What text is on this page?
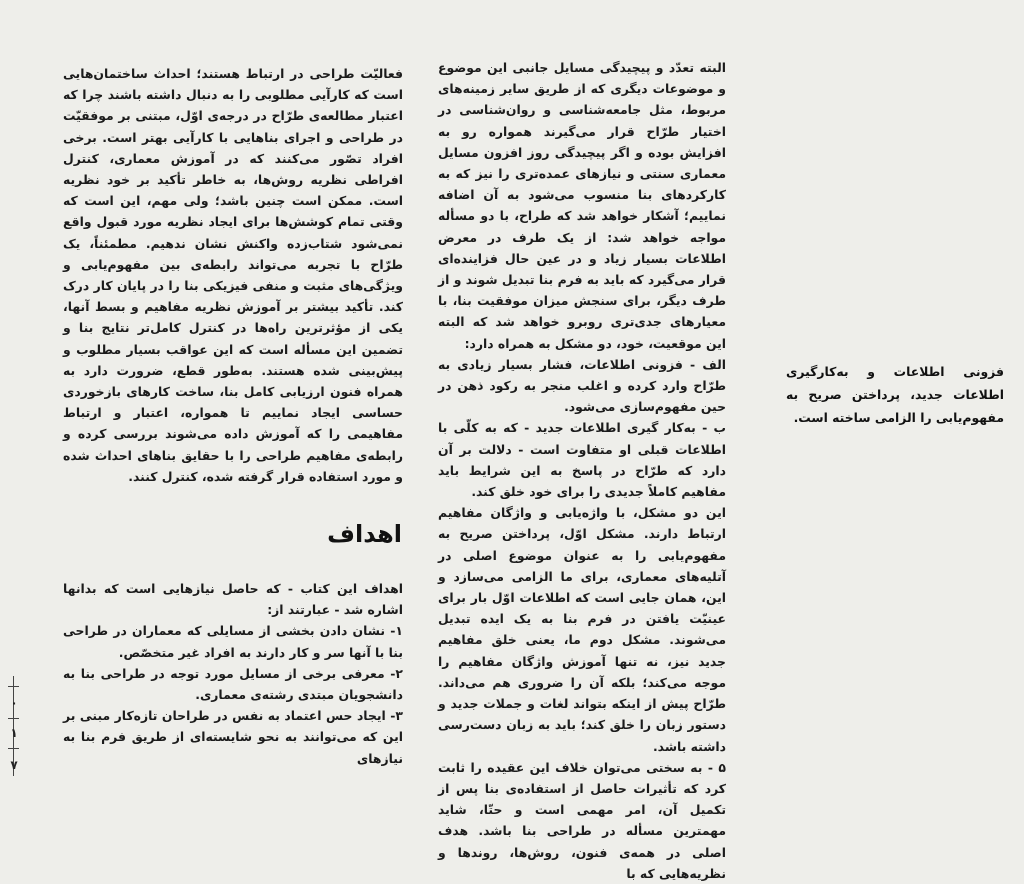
البته تعدّد و پیچیدگی مسایل جانبی این موضوع و موضوعات دیگری که از طریق سایر زمینه‌های مربوط، مثل جامعه‌شناسی و روان‌شناسی در اختیار طرّاح قرار می‌گیرند همواره رو به افزایش بوده و اگر پیچیدگی روز افزون مسایل معماری سنتی و نیازهای عمده‌تری را نیز که به کارکردهای بنا منسوب می‌شود به آن اضافه نماییم؛ آشکار خواهد شد که طراح، با دو مسأله مواجه خواهد شد: از یک طرف در معرض اطلاعات بسیار زیاد و در عین حال فزاینده‌ای قرار می‌گیرد که باید به فرم بنا تبدیل شوند و از طرف دیگر، برای سنجش میزان موفقیت بنا، با معیارهای جدی‌تری روبرو خواهد شد که البته این موقعیت، خود، دو مشکل به همراه دارد:

الف - فزونی اطلاعات، فشار بسیار زیادی به طرّاح وارد کرده و اغلب منجر به رکود ذهن در حین مفهوم‌سازی می‌شود.

ب - به‌کار گیری اطلاعات جدید - که به کلّی با اطلاعات قبلی او متفاوت است - دلالت بر آن دارد که طرّاح در پاسخ به این شرایط باید مفاهیم کاملاً جدیدی را برای خود خلق کند.

این دو مشکل، با واژه‌یابی و واژگان مفاهیم ارتباط دارند. مشکل اوّل، پرداختن صریح به مفهوم‌یابی را به عنوان موضوع اصلی در آتلیه‌های معماری، برای ما الزامی می‌سازد و این، همان جایی است که اطلاعات اوّل بار برای عینیّت یافتن در فرم بنا به یک ایده تبدیل می‌شوند. مشکل دوم ما، یعنی خلق مفاهیم جدید نیز، نه تنها آموزش واژگان مفاهیم را موجه می‌کند؛ بلکه آن را ضروری هم می‌داند. طرّاح پیش از اینکه بتواند لغات و جملات جدید و دستور زبان را خلق کند؛ باید به زبان دست‌رسی داشته باشد.

۵ - به سختی می‌توان خلاف این عقیده را ثابت کرد که تأثیرات حاصل از استفاده‌ی بنا پس از تکمیل آن، امر مهمی است و حتّا، شاید مهمترین مسأله در طراحی بنا باشد. هدف اصلی در همه‌ی فنون، روش‌ها، روندها و نظریه‌هایی که با

فعالیّت طراحی در ارتباط هستند؛ احداث ساختمان‌هایی است که کارآیی مطلوبی را به دنبال داشته باشند چرا که اعتبار مطالعه‌ی طرّاح در درجه‌ی اوّل، مبتنی بر موفقیّت در طراحی و اجرای بناهایی با کارآیی بهتر است. برخی افراد تصّور می‌کنند که در آموزش معماری، کنترل افراطی نظریه روش‌ها، به خاطر تأکید بر خود نظریه است. ممکن است چنین باشد؛ ولی مهم، این است که وقتی تمام کوشش‌ها برای ایجاد نظریه مورد قبول واقع نمی‌شود شتاب‌زده واکنش نشان ندهیم. مطمئناً، یک طرّاح با تجربه می‌تواند رابطه‌ی بین مفهوم‌یابی و ویژگی‌های مثبت و منفی فیزیکی بنا را در پایان کار درک کند. تأکید بیشتر بر آموزش نظریه مفاهیم و بسط آنها، یکی از مؤثرترین راه‌ها در کنترل کامل‌تر نتایج بنا و تضمین این مسأله است که این عواقب بسیار مطلوب و پیش‌بینی شده هستند. به‌طور قطع، ضرورت دارد به همراه فنون ارزیابی کامل بنا، ساخت کارهای بازخوردی حساسی ایجاد نماییم تا همواره، اعتبار و ارتباط مفاهیمی را که آموزش داده می‌شوند بررسی کرده و رابطه‌ی مفاهیم طراحی را با حقایق بناهای احداث شده و مورد استفاده قرار گرفته شده، کنترل کنند.

اهداف

اهداف این کتاب - که حاصل نیازهایی است که بدانها اشاره شد - عبارتند از:

۱- نشان دادن بخشی از مسایلی که معماران در طراحی بنا با آنها سر و کار دارند به افراد غیر متخصّص.

۲- معرفی برخی از مسایل مورد توجه در طراحی بنا به دانشجویان مبتدی رشته‌ی معماری.

۳- ایجاد حس اعتماد به نفس در طراحان تازه‌کار مبنی بر این که می‌توانند به نحو شایسته‌ای از طریق فرم بنا به نیازهای

فزونی اطلاعات و به‌کارگیری اطلاعات جدید، پرداختن صریح به مفهوم‌یابی را الزامی ساخته است.
۰
۱
۷
